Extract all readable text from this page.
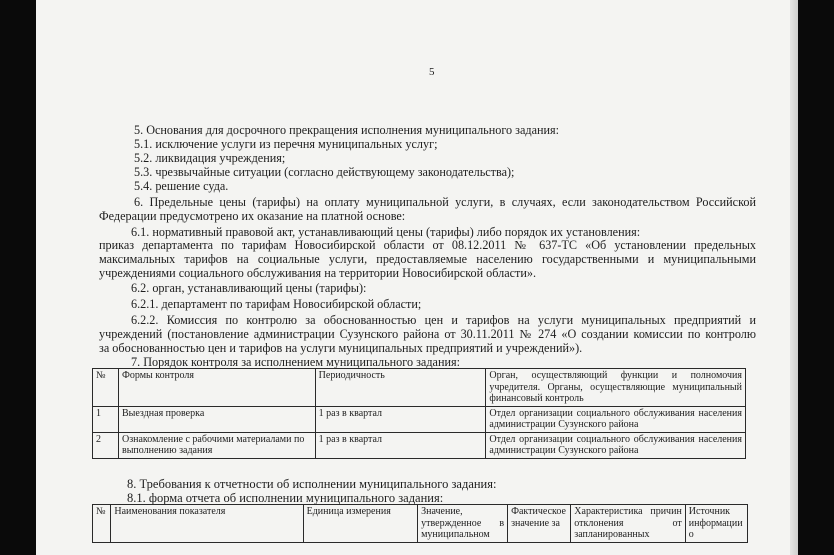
5
5. Основания для досрочного прекращения исполнения муниципального задания:
5.1. исключение услуги из перечня муниципальных услуг;
5.2. ликвидация учреждения;
5.3. чрезвычайные ситуации (согласно действующему законодательства);
5.4. решение суда.
6. Предельные цены (тарифы) на оплату муниципальной услуги, в случаях, если законодательством Российской
Федерации предусмотрено их оказание на платной основе:
6.1. нормативный правовой акт, устанавливающий цены (тарифы) либо порядок их установления:
приказ департамента по тарифам Новосибирской области от 08.12.2011 № 637-ТС «Об установлении предельных
максимальных тарифов на социальные услуги, предоставляемые населению государственными и муниципальными
учреждениями социального обслуживания на территории Новосибирской области».
6.2. орган, устанавливающий цены (тарифы):
6.2.1. департамент по тарифам Новосибирской области;
6.2.2. Комиссия по контролю за обоснованностью цен и тарифов на услуги муниципальных предприятий и
учреждений (постановление администрации Сузунского района от 30.11.2011 № 274 «О создании комиссии по контролю
за обоснованностью цен и тарифов на услуги муниципальных предприятий и учреждений»).
7. Порядок контроля за исполнением муниципального задания:
№	Формы контроля	Периодичность	Орган, осуществляющий функции и полномочия учредителя. Органы, осуществляющие муниципальный финансовый контроль
1	Выездная проверка	1 раз в квартал	Отдел организации социального обслуживания населения администрации Сузунского района
2	Ознакомление с рабочими материалами по выполнению задания	1 раз в квартал	Отдел организации социального обслуживания населения администрации Сузунского района
8. Требования к отчетности об исполнении муниципального задания:
8.1. форма отчета об исполнении муниципального задания:
№	Наименования показателя	Единица измерения	Значение, утвержденное в муниципальном	Фактическое значение за	Характеристика причин отклонения от запланированных	Источник информации о
